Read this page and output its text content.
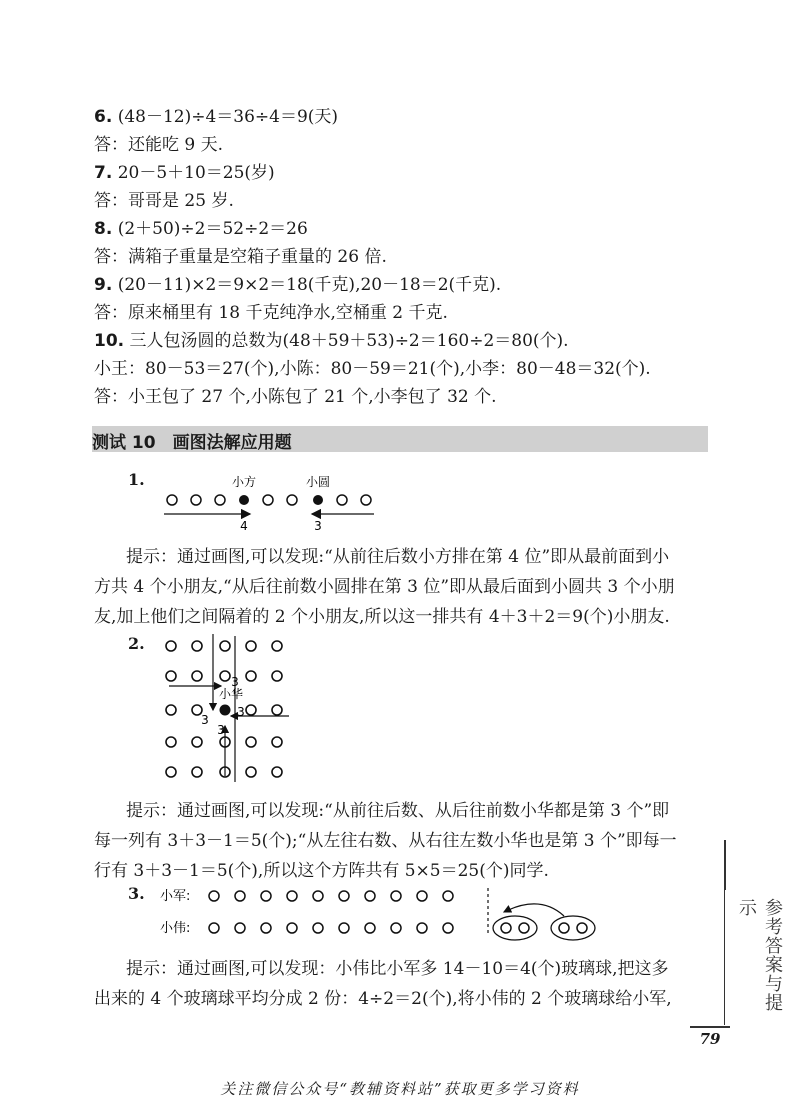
6. (48－12)÷4＝36÷4＝9(天)
答：还能吃 9 天.
7. 20－5＋10＝25(岁)
答：哥哥是 25 岁.
8. (2＋50)÷2＝52÷2＝26
答：满箱子重量是空箱子重量的 26 倍.
9. (20－11)×2＝9×2＝18(千克),20－18＝2(千克).
答：原来桶里有 18 千克纯净水,空桶重 2 千克.
10. 三人包汤圆的总数为(48＋59＋53)÷2＝160÷2＝80(个).
小王：80－53＝27(个),小陈：80－59＝21(个),小李：80－48＝32(个).
答：小王包了 27 个,小陈包了 21 个,小李包了 32 个.
测试 10　画图法解应用题
1.	小方	小圆
4	3

提示：通过画图,可以发现:“从前往后数小方排在第 4 位”即从最前面到小

方共 4 个小朋友,“从后往前数小圆排在第 3 位”即从最后面到小圆共 3 个小朋

友,加上他们之间隔着的 2 个小朋友,所以这一排共有 4＋3＋2＝9(个)小朋友.

2.
小华
3
3
3
3

提示：通过画图,可以发现:“从前往后数、从后往前数小华都是第 3 个”即

每一列有 3＋3－1＝5(个);“从左往右数、从右往左数小华也是第 3 个”即每一

行有 3＋3－1＝5(个),所以这个方阵共有 5×5＝25(个)同学.

3. 小军:
小伟:

提示：通过画图,可以发现：小伟比小军多 14－10＝4(个)玻璃球,把这多

出来的 4 个玻璃球平均分成 2 份：4÷2＝2(个),将小伟的 2 个玻璃球给小军,	参考答案与提示
79
关注微信公众号“教辅资料站”获取更多学习资料
